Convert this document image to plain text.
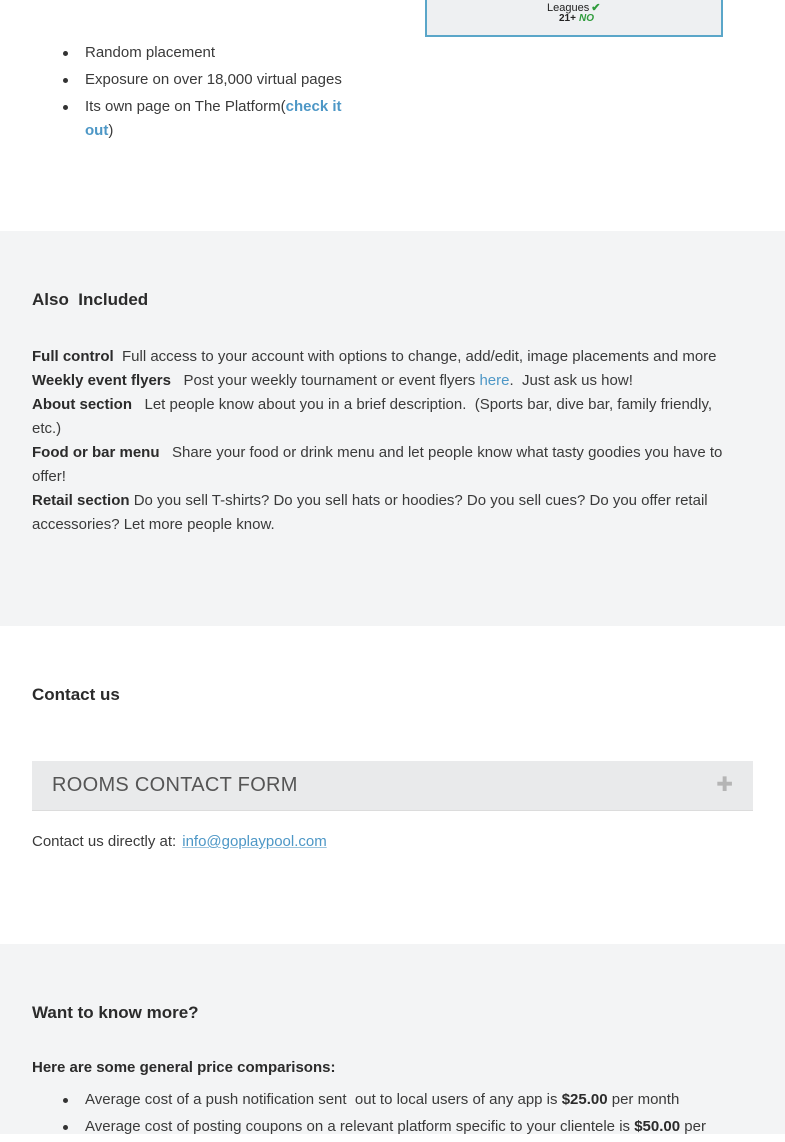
Leagues ✔
21+ NO
Random placement
Exposure on over 18,000 virtual pages
Its own page on The Platform(check it out)
Also  Included

Full control  Full access to your account with options to change, add/edit, image placements and more

Weekly event flyers   Post your weekly tournament or event flyers here.  Just ask us how!

About section   Let people know about you in a brief description.  (Sports bar, dive bar, family friendly, etc.)

Food or bar menu   Share your food or drink menu and let people know what tasty goodies you have to offer!

Retail section Do you sell T-shirts? Do you sell hats or hoodies? Do you sell cues? Do you offer retail accessories? Let more people know.

Contact us
ROOMS CONTACT FORM	✚
Contact us directly at: info@goplaypool.com
Want to know more?
Here are some general price comparisons:
Average cost of a push notification sent  out to local users of any app is $25.00 per month
Average cost of posting coupons on a relevant platform specific to your clientele is $50.00 per
